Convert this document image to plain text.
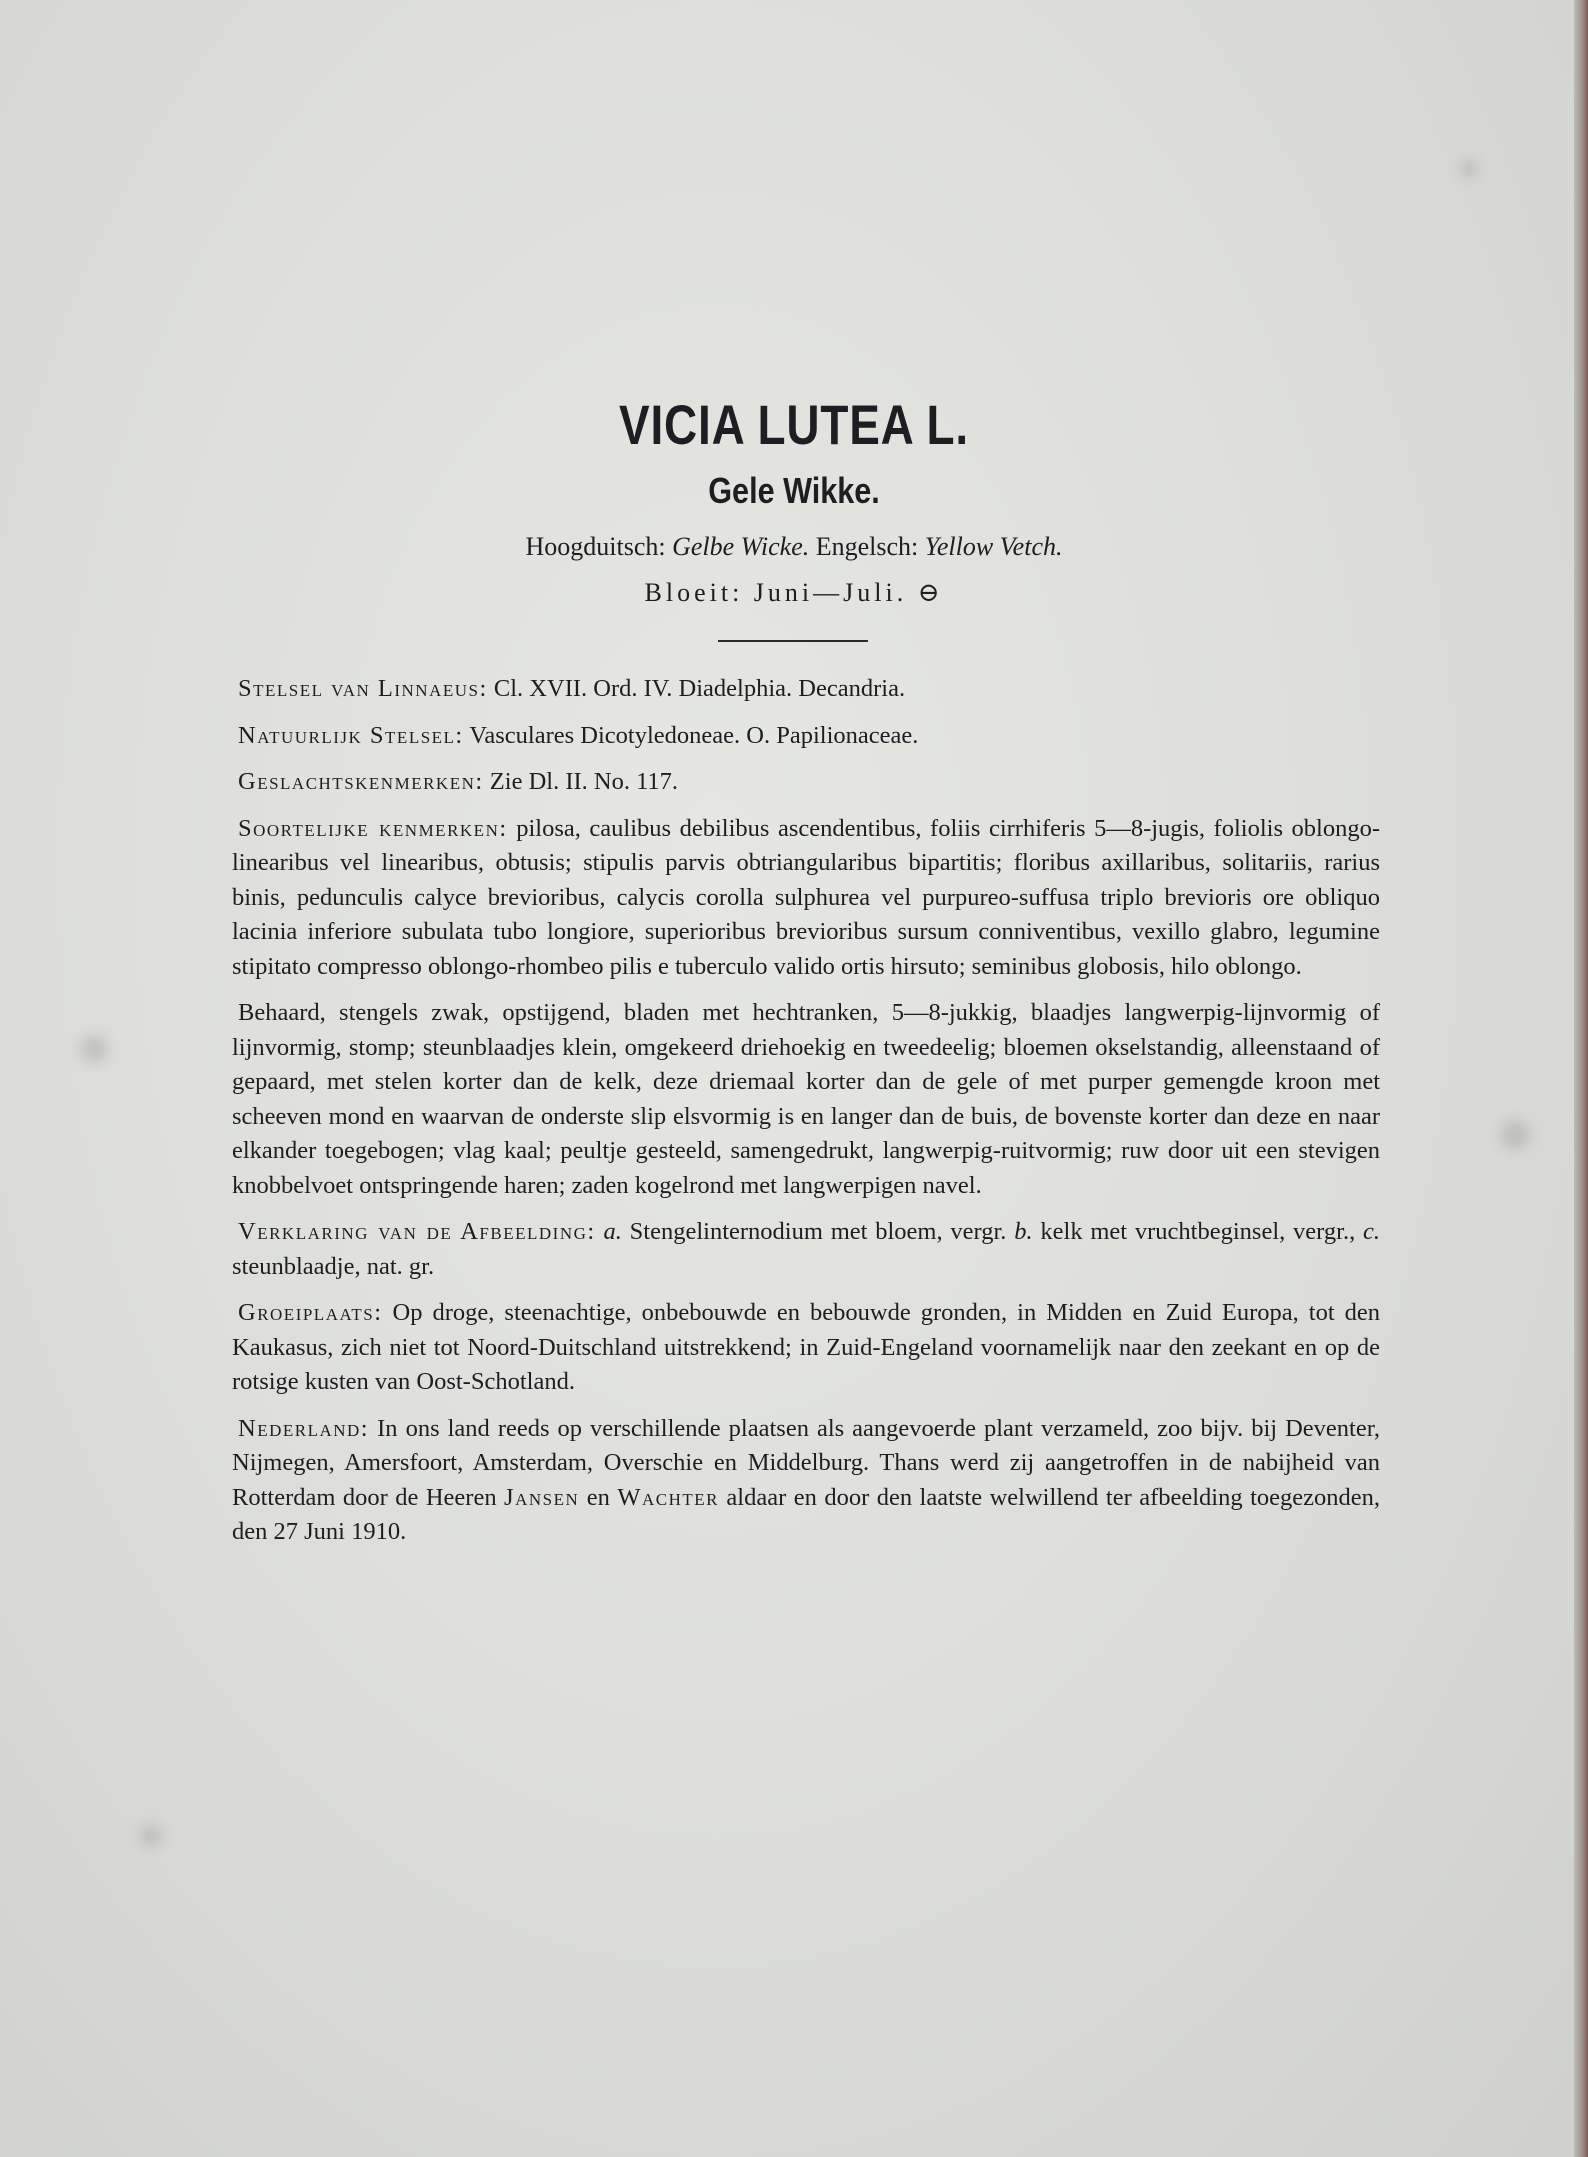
VICIA LUTEA L.
Gele Wikke.
Hoogduitsch: Gelbe Wicke. Engelsch: Yellow Vetch.
Bloeit: Juni—Juli. ⊖

Stelsel van Linnaeus: Cl. XVII. Ord. IV. Diadelphia. Decandria.

Natuurlijk Stelsel: Vasculares Dicotyledoneae. O. Papilionaceae.

Geslachtskenmerken: Zie Dl. II. No. 117.

Soortelijke kenmerken: pilosa, caulibus debilibus ascendentibus, foliis cirrhiferis 5—8-jugis, foliolis oblongo-linearibus vel linearibus, obtusis; stipulis parvis obtriangularibus bipartitis; floribus axillaribus, solitariis, rarius binis, pedunculis calyce brevioribus, calycis corolla sulphurea vel purpureo-suffusa triplo brevioris ore obliquo lacinia inferiore subulata tubo longiore, superioribus brevioribus sursum conniventibus, vexillo glabro, legumine stipitato compresso oblongo-rhombeo pilis e tuberculo valido ortis hirsuto; seminibus globosis, hilo oblongo.

Behaard, stengels zwak, opstijgend, bladen met hechtranken, 5—8-jukkig, blaadjes langwerpig-lijnvormig of lijnvormig, stomp; steunblaadjes klein, omgekeerd driehoekig en tweedeelig; bloemen okselstandig, alleenstaand of gepaard, met stelen korter dan de kelk, deze driemaal korter dan de gele of met purper gemengde kroon met scheeven mond en waarvan de onderste slip elsvormig is en langer dan de buis, de bovenste korter dan deze en naar elkander toegebogen; vlag kaal; peultje gesteeld, samengedrukt, langwerpig-ruitvormig; ruw door uit een stevigen knobbelvoet ontspringende haren; zaden kogelrond met langwerpigen navel.

Verklaring van de Afbeelding: a. Stengelinternodium met bloem, vergr. b. kelk met vruchtbeginsel, vergr., c. steunblaadje, nat. gr.

Groeiplaats: Op droge, steenachtige, onbebouwde en bebouwde gronden, in Midden en Zuid Europa, tot den Kaukasus, zich niet tot Noord-Duitschland uitstrekkend; in Zuid-Engeland voornamelijk naar den zeekant en op de rotsige kusten van Oost-Schotland.

Nederland: In ons land reeds op verschillende plaatsen als aangevoerde plant verzameld, zoo bijv. bij Deventer, Nijmegen, Amersfoort, Amsterdam, Overschie en Middelburg. Thans werd zij aangetroffen in de nabijheid van Rotterdam door de Heeren Jansen en Wachter aldaar en door den laatste welwillend ter afbeelding toegezonden, den 27 Juni 1910.
